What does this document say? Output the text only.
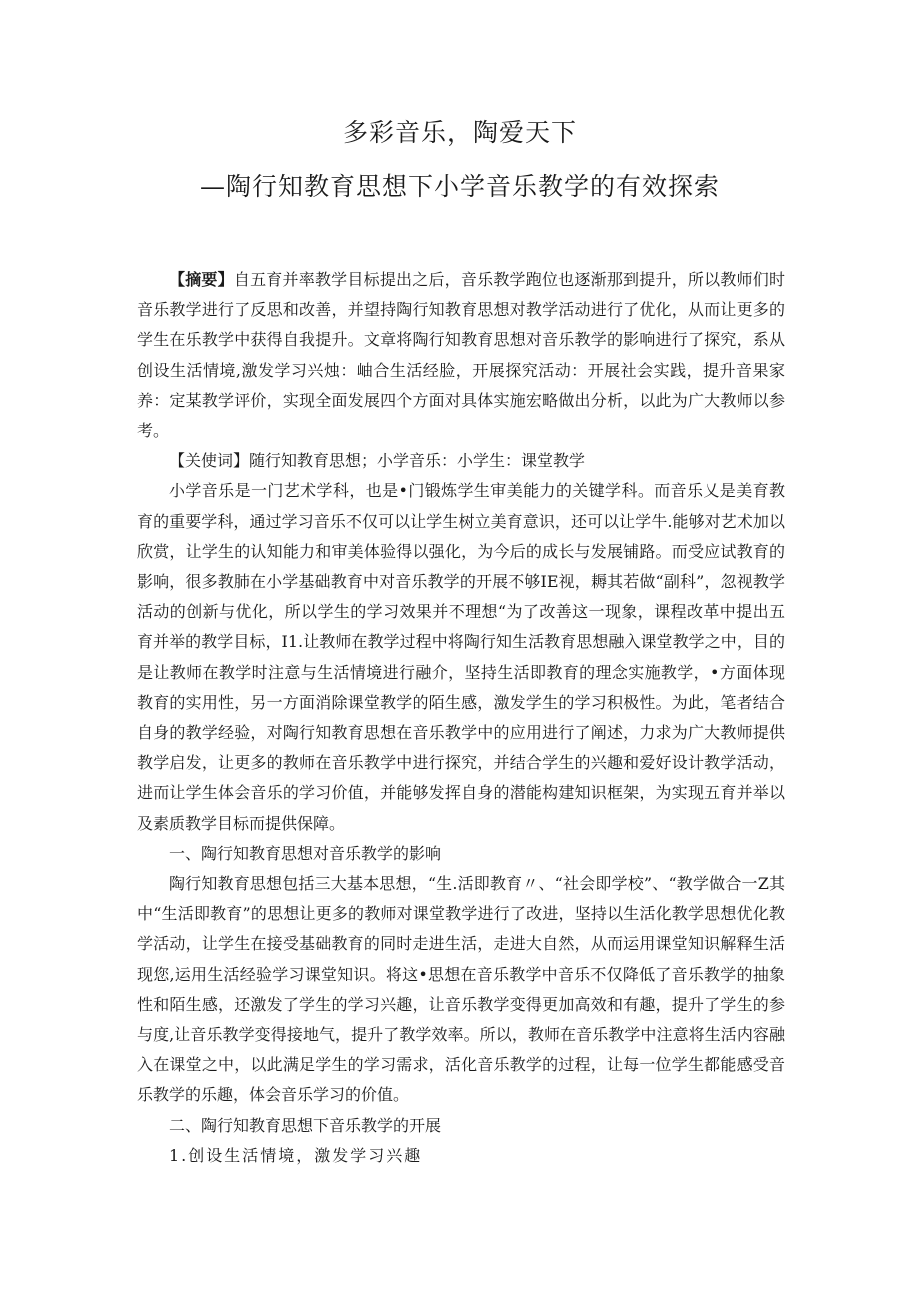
多彩音乐，陶爱天下
—陶行知教育思想下小学音乐教学的有效探索

【摘要】自五育并率教学目标提出之后，音乐教学跑位也逐渐那到提升，所以教师们时音乐教学进行了反思和改善，并望持陶行知教育思想对教学活动进行了优化，从而让更多的学生在乐教学中获得自我提升。文章将陶行知教育思想对音乐教学的影响进行了探究，系从创设生活情境,激发学习兴烛：岫合生活经脸，开展探究活动：开展社会实践，提升音果家养：定某教学评价，实现全面发展四个方面对具体实施宏略做出分析，以此为广大教师以参考。

【关使词】随行知教育思想；小学音乐：小学生：课堂教学

小学音乐是一门艺术学科，也是•门锻炼学生审美能力的关键学科。而音乐乂是美育教育的重要学科，通过学习音乐不仅可以让学生树立美育意识，还可以让学牛.能够对艺术加以欣赏，让学生的认知能力和审美体验得以强化，为今后的成长与发展铺路。而受应试教育的影响，很多教肺在小学基础教育中对音乐教学的开展不够IE视，耨其若做“副科”，忽视教学活动的创新与优化，所以学生的学习效果并不理想“为了改善这一现象，课程改革中提出五育并举的教学目标，I1.让教师在教学过程中将陶行知生活教育思想融入课堂教学之中，目的是让教师在教学时注意与生活情境进行融介，坚持生活即教育的理念实施教学，•方面体现教育的实用性，另一方面消除课堂教学的陌生感，激发学生的学习积极性。为此，笔者结合自身的教学经验，对陶行知教育思想在音乐教学中的应用进行了阐述，力求为广大教师提供教学启发，让更多的教师在音乐教学中进行探究，并结合学生的兴趣和爱好设计教学活动，进而让学生体会音乐的学习价值，并能够发挥自身的潜能构建知识框架，为实现五育并举以及素质教学目标而提供保障。

一、陶行知教育思想对音乐教学的影响

陶行知教育思想包括三大基本思想，“生.活即教育〃、“社会即学校”、“教学做合一Z其中“生活即教育”的思想让更多的教师对课堂教学进行了改进，坚持以生活化教学思想优化教学活动，让学生在接受基础教育的同时走进生活，走进大自然，从而运用课堂知识解释生活现您,运用生活经验学习课堂知识。将这•思想在音乐教学中音乐不仅降低了音乐教学的抽象性和陌生感，还激发了学生的学习兴趣，让音乐教学变得更加高效和有趣，提升了学生的参与度,让音乐教学变得接地气，提升了教学效率。所以，教师在音乐教学中注意将生活内容融入在课堂之中，以此满足学生的学习需求，活化音乐教学的过程，让每一位学生都能感受音乐教学的乐趣，体会音乐学习的价值。

二、陶行知教育思想下音乐教学的开展

1.创设生活情境，激发学习兴趣
